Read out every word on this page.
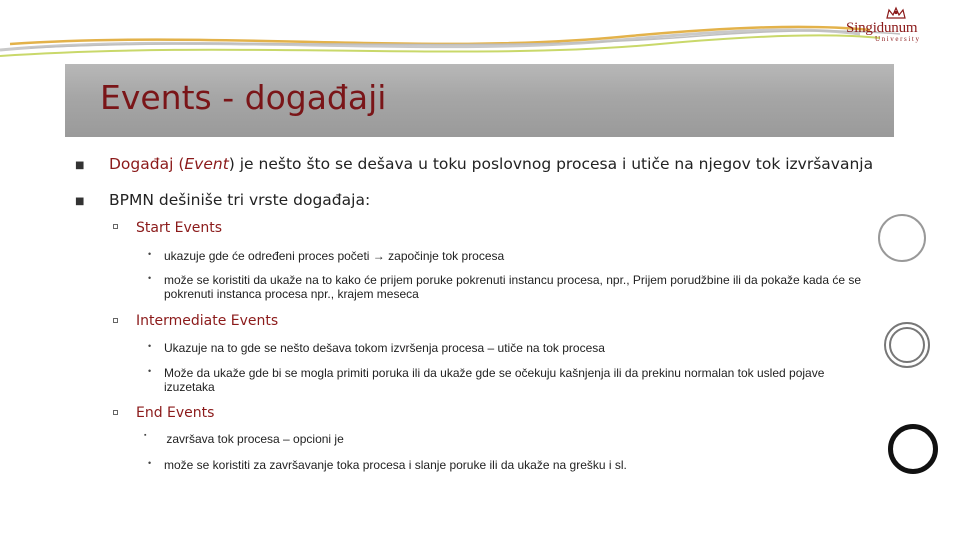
Singidunum
University
Events - događaji
■ Događaj (Event) je nešto što se dešava u toku poslovnog procesa i utiče na njegov tok izvršavanja
■ BPMN dešiniše tri vrste događaja:
Start Events
• ukazuje gde će određeni proces početi → započinje tok procesa
• može se koristiti da ukaže na to kako će prijem poruke pokrenuti instancu procesa, npr., Prijem porudžbine ili da pokaže kada će se pokrenuti instanca procesa npr., krajem meseca
Intermediate Events
• Ukazuje na to gde se nešto dešava tokom izvršenja procesa – utiče na tok procesa
• Može da ukaže gde bi se mogla primiti poruka ili da ukaže gde se očekuju kašnjenja ili da prekinu normalan tok usled pojave izuzetaka
End Events
▪ završava tok procesa – opcioni je
• može se koristiti za završavanje toka procesa i slanje poruke ili da ukaže na grešku i sl.
